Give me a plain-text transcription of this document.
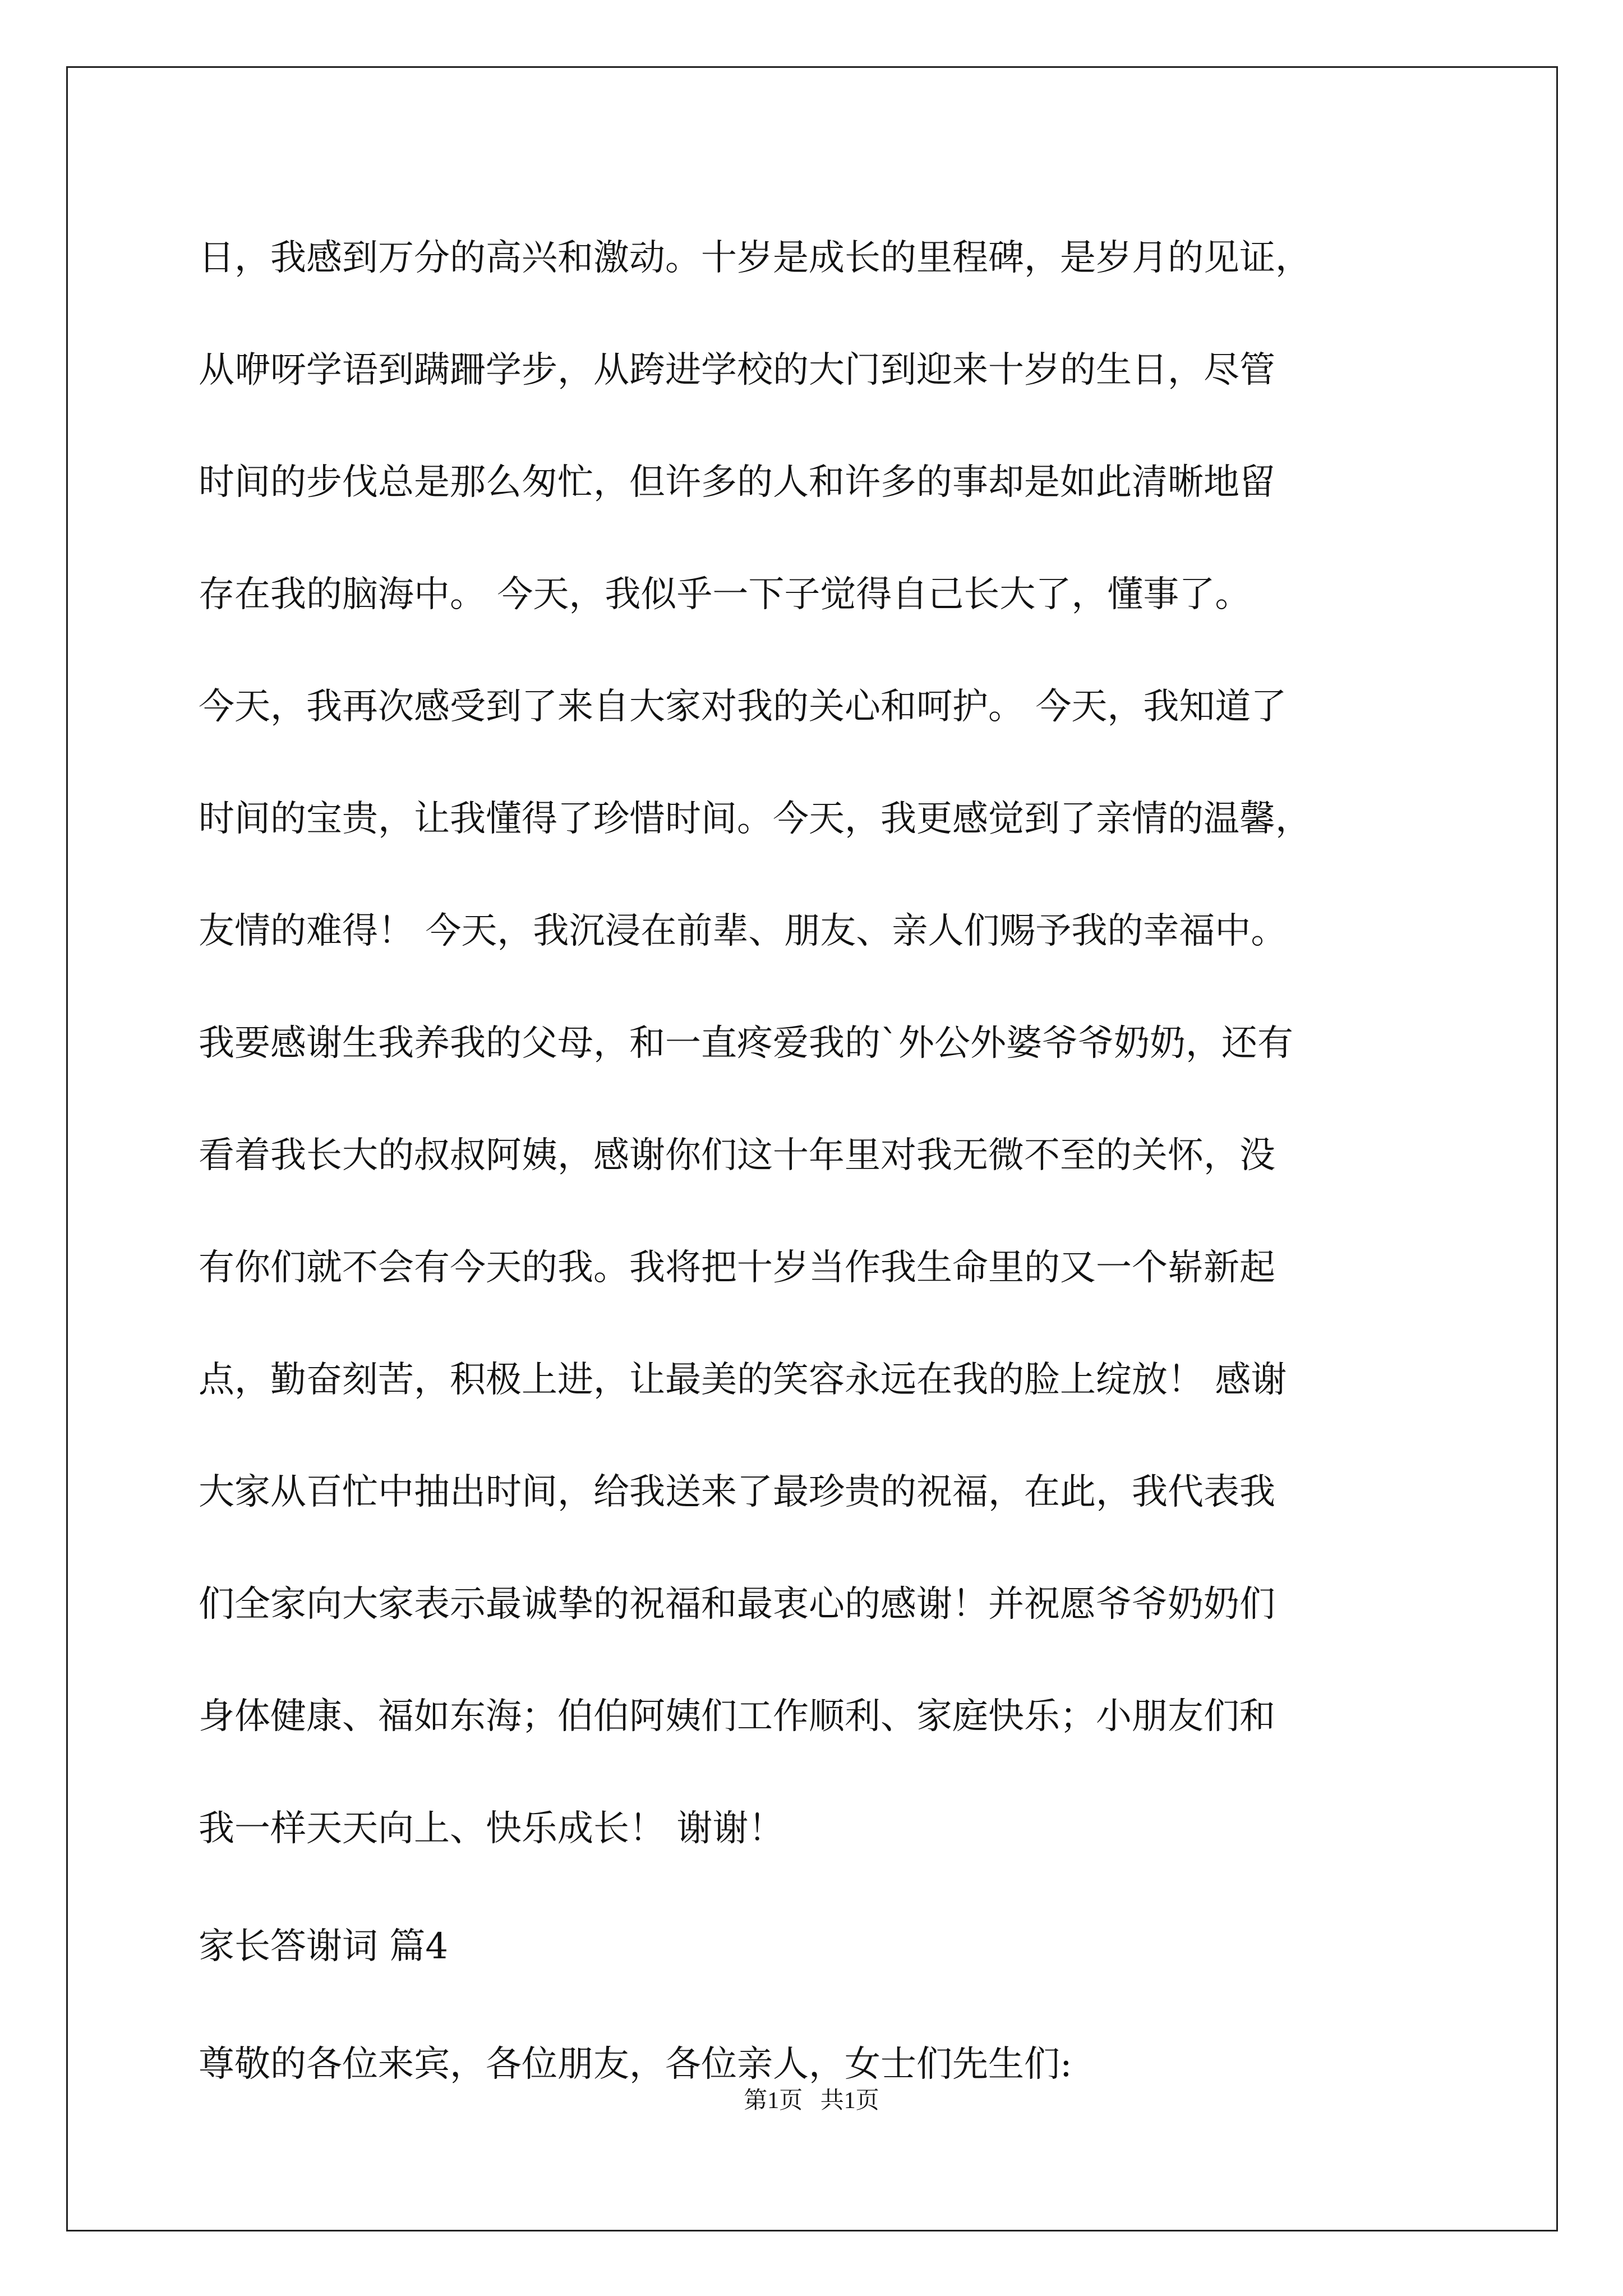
日，我感到万分的高兴和激动。十岁是成长的里程碑，是岁月的见证，
从咿呀学语到蹒跚学步，从跨进学校的大门到迎来十岁的生日，尽管
时间的步伐总是那么匆忙，但许多的人和许多的事却是如此清晰地留
存在我的脑海中。 今天，我似乎一下子觉得自己长大了，懂事了。
今天，我再次感受到了来自大家对我的关心和呵护。 今天，我知道了
时间的宝贵，让我懂得了珍惜时间。今天，我更感觉到了亲情的温馨，
友情的难得！ 今天，我沉浸在前辈、朋友、亲人们赐予我的幸福中。
我要感谢生我养我的父母，和一直疼爱我的`外公外婆爷爷奶奶，还有
看着我长大的叔叔阿姨，感谢你们这十年里对我无微不至的关怀，没
有你们就不会有今天的我。我将把十岁当作我生命里的又一个崭新起
点，勤奋刻苦，积极上进，让最美的笑容永远在我的脸上绽放！ 感谢
大家从百忙中抽出时间，给我送来了最珍贵的祝福，在此，我代表我
们全家向大家表示最诚挚的祝福和最衷心的感谢！并祝愿爷爷奶奶们
身体健康、福如东海；伯伯阿姨们工作顺利、家庭快乐；小朋友们和
我一样天天向上、快乐成长！ 谢谢！
家长答谢词 篇4
尊敬的各位来宾，各位朋友，各位亲人，女士们先生们:
第1页   共1页
